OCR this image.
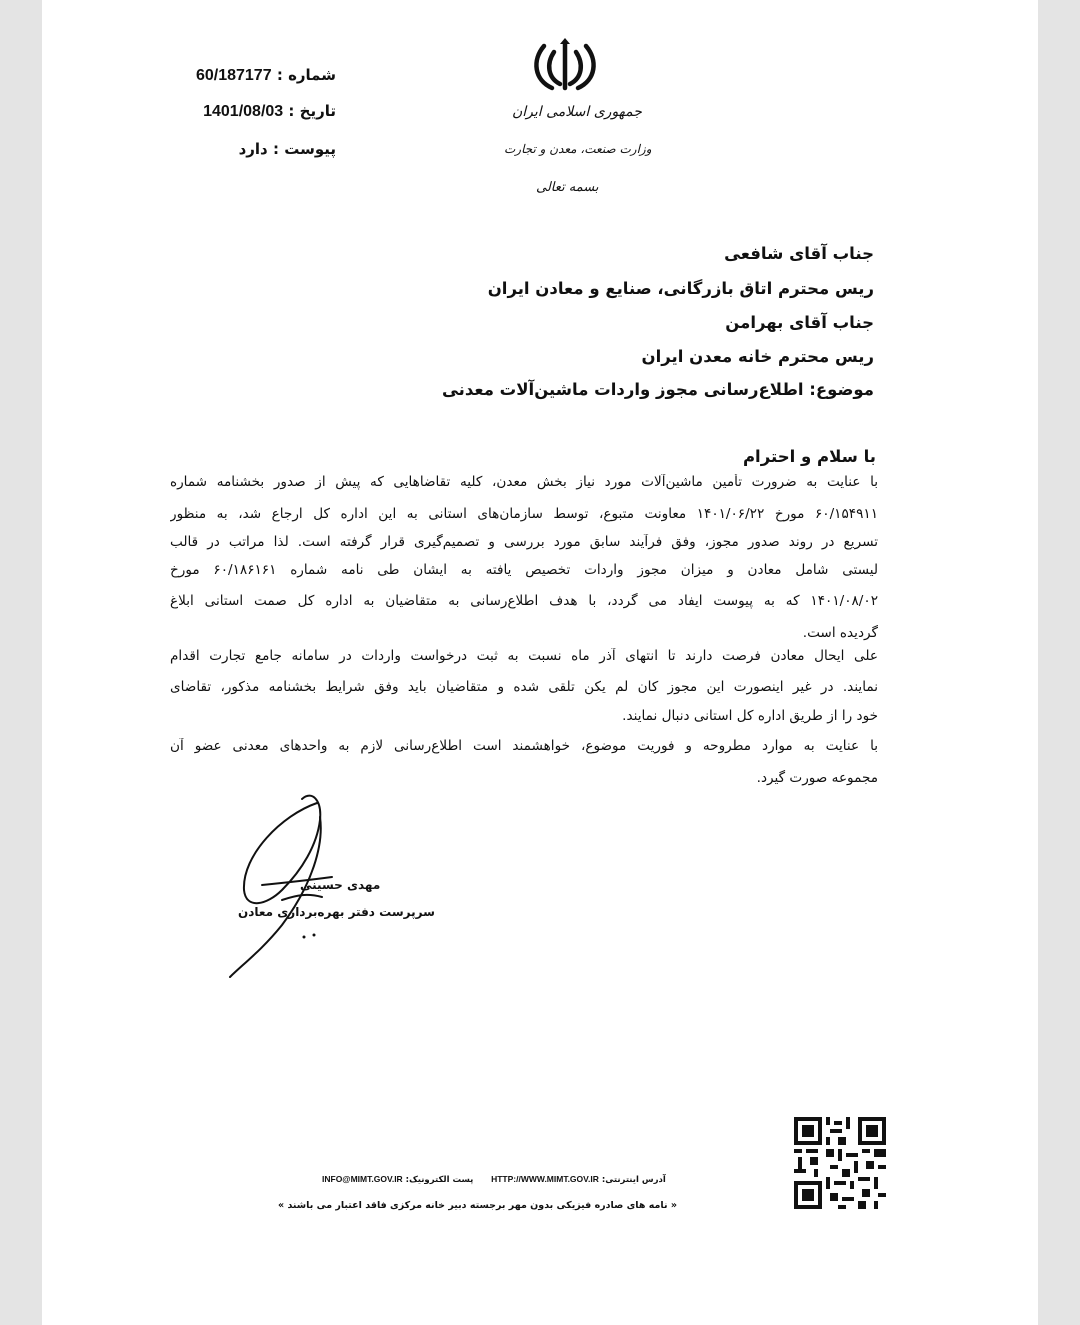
شماره : 60/187177
تاریخ : 1401/08/03
پیوست : دارد
جمهوری اسلامی ایران
وزارت صنعت، معدن و تجارت
بسمه تعالی
جناب آقای شافعی
ریس محترم اتاق بازرگانی، صنایع و معادن ایران
جناب آقای بهرامن
ریس محترم خانه معدن ایران
موضوع: اطلاع‌رسانی مجوز واردات ماشین‌آلات معدنی
با سلام و احترام
با عنایت به ضرورت تأمین ماشین‌آلات مورد نیاز بخش معدن، کلیه تقاضاهایی که پیش از صدور بخشنامه شماره
۶۰/۱۵۴۹۱۱ مورخ ۱۴۰۱/۰۶/۲۲ معاونت متبوع، توسط سازمان‌های استانی به این اداره کل ارجاع شد، به منظور
تسریع در روند صدور مجوز، وفق فرآیند سابق مورد بررسی و تصمیم‌گیری قرار گرفته است. لذا مراتب در قالب
لیستی شامل معادن و میزان مجوز واردات تخصیص یافته به ایشان طی نامه شماره ۶۰/۱۸۶۱۶۱ مورخ
۱۴۰۱/۰۸/۰۲ که به پیوست ایفاد می گردد، با هدف اطلاع‌رسانی به متقاضیان به اداره کل صمت استانی ابلاغ
گردیده است.
علی ایحال معادن فرصت دارند تا انتهای آذر ماه نسبت به ثبت درخواست واردات در سامانه جامع تجارت اقدام
نمایند. در غیر اینصورت این مجوز کان لم یکن تلقی شده و متقاضیان باید وفق شرایط بخشنامه مذکور، تقاضای
خود را از طریق اداره کل استانی دنبال نمایند.
با عنایت به موارد مطروحه و فوریت موضوع، خواهشمند است اطلاع‌رسانی لازم به واحدهای معدنی عضو آن
مجموعه صورت گیرد.
مهدی حسینی
سرپرست دفتر بهره‌برداری معادن
آدرس اینترنتی: HTTP://WWW.MIMT.GOV.IR      پست الکترونیک: INFO@MIMT.GOV.IR
« نامه های صادره فیزیکی بدون مهر برجسته دبیر خانه مرکزی فاقد اعتبار می باشند »
